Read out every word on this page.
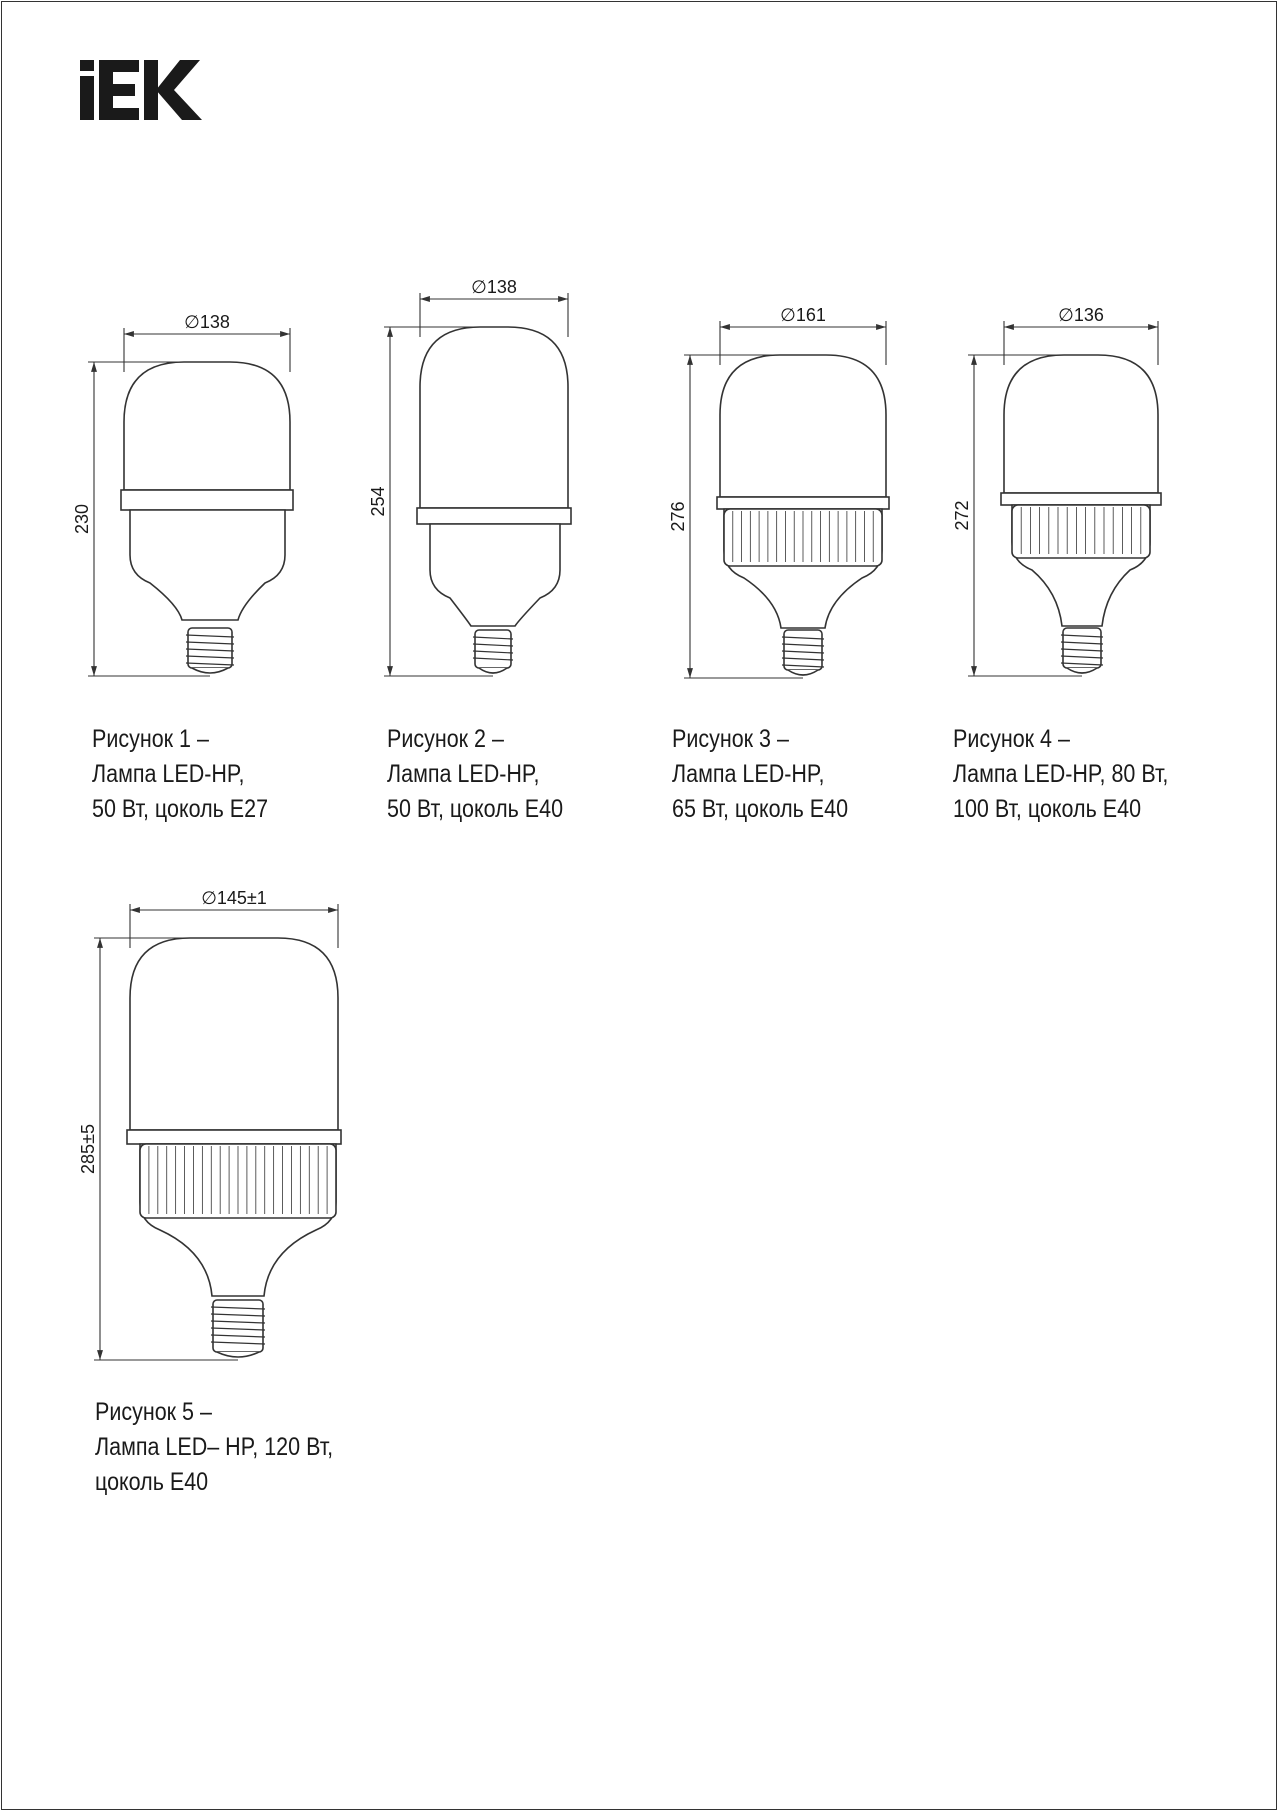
∅138
230
∅138
254
∅161
276
∅136
272
∅145±1
285±5
Рисунок 1 –
Лампа LED-HP,
50 Вт, цоколь Е27
Рисунок 2 –
Лампа LED-HP,
50 Вт, цоколь Е40
Рисунок 3 –
Лампа LED-HP,
65 Вт, цоколь Е40
Рисунок 4 –
Лампа LED-HP, 80 Вт,
100 Вт, цоколь Е40
Рисунок 5 –
Лампа LED– HP, 120 Вт,
цоколь Е40
